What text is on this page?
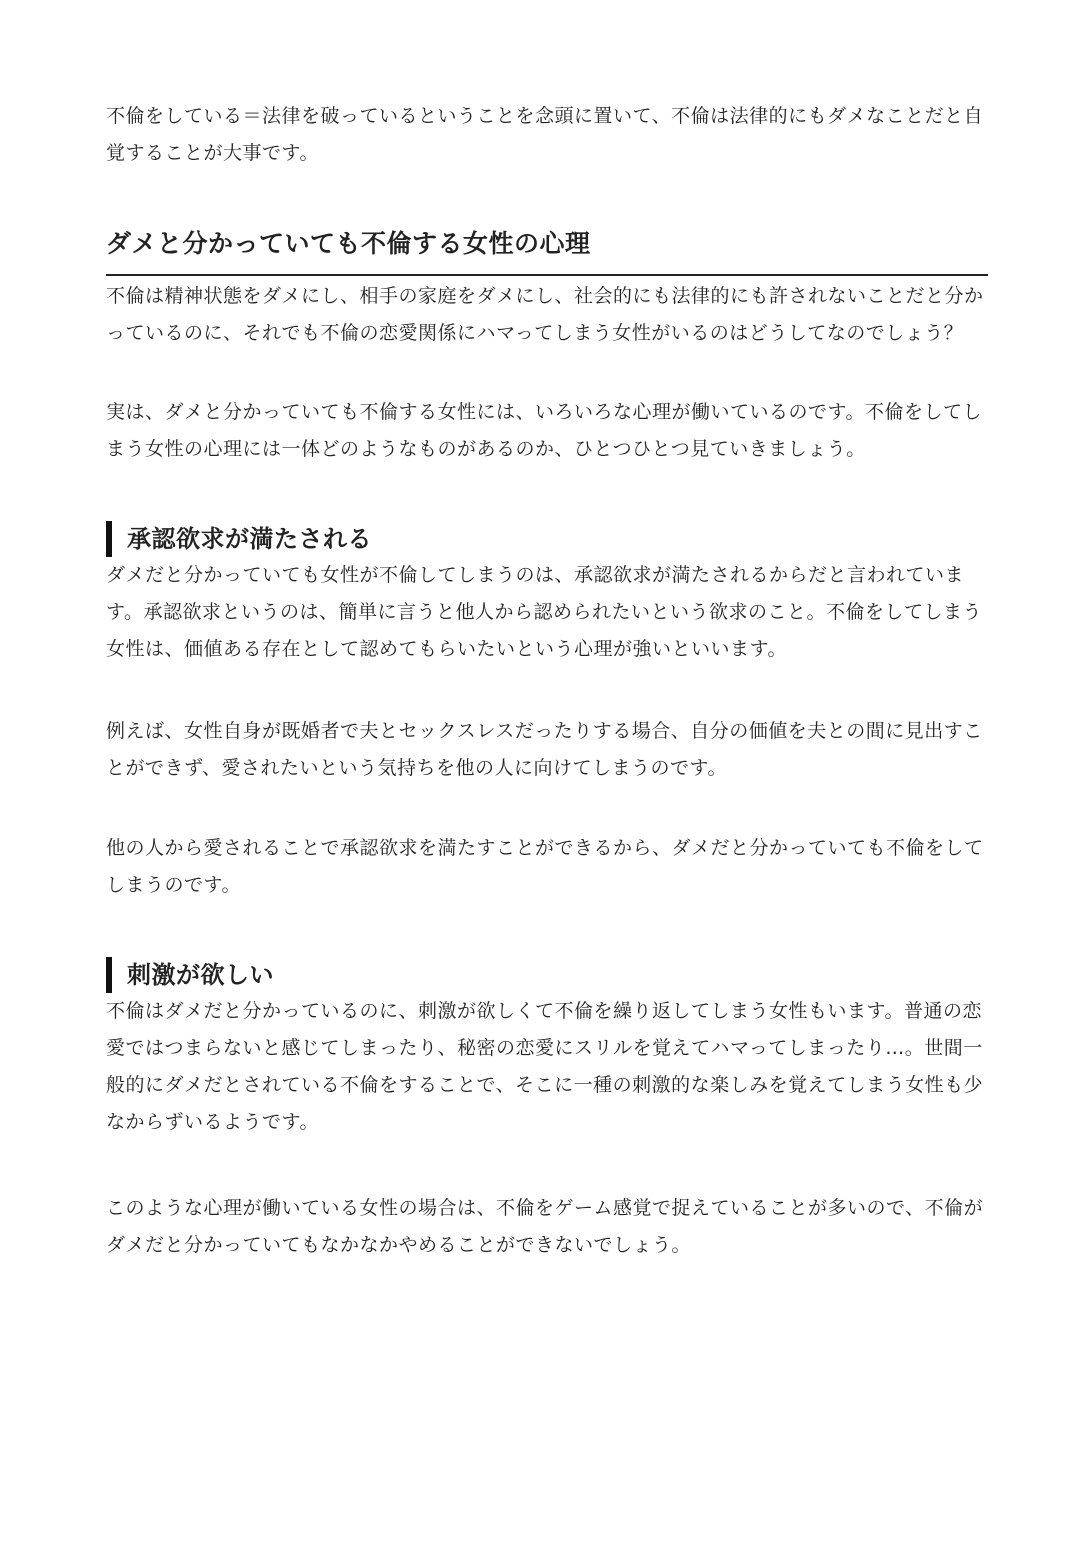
不倫をしている＝法律を破っているということを念頭に置いて、不倫は法律的にもダメなことだと自覚することが大事です。

ダメと分かっていても不倫する女性の心理

不倫は精神状態をダメにし、相手の家庭をダメにし、社会的にも法律的にも許されないことだと分かっているのに、それでも不倫の恋愛関係にハマってしまう女性がいるのはどうしてなのでしょう？

実は、ダメと分かっていても不倫する女性には、いろいろな心理が働いているのです。不倫をしてしまう女性の心理には一体どのようなものがあるのか、ひとつひとつ見ていきましょう。

承認欲求が満たされる

ダメだと分かっていても女性が不倫してしまうのは、承認欲求が満たされるからだと言われています。承認欲求というのは、簡単に言うと他人から認められたいという欲求のこと。不倫をしてしまう女性は、価値ある存在として認めてもらいたいという心理が強いといいます。

例えば、女性自身が既婚者で夫とセックスレスだったりする場合、自分の価値を夫との間に見出すことができず、愛されたいという気持ちを他の人に向けてしまうのです。

他の人から愛されることで承認欲求を満たすことができるから、ダメだと分かっていても不倫をしてしまうのです。

刺激が欲しい

不倫はダメだと分かっているのに、刺激が欲しくて不倫を繰り返してしまう女性もいます。普通の恋愛ではつまらないと感じてしまったり、秘密の恋愛にスリルを覚えてハマってしまったり…。世間一般的にダメだとされている不倫をすることで、そこに一種の刺激的な楽しみを覚えてしまう女性も少なからずいるようです。

このような心理が働いている女性の場合は、不倫をゲーム感覚で捉えていることが多いので、不倫がダメだと分かっていてもなかなかやめることができないでしょう。
